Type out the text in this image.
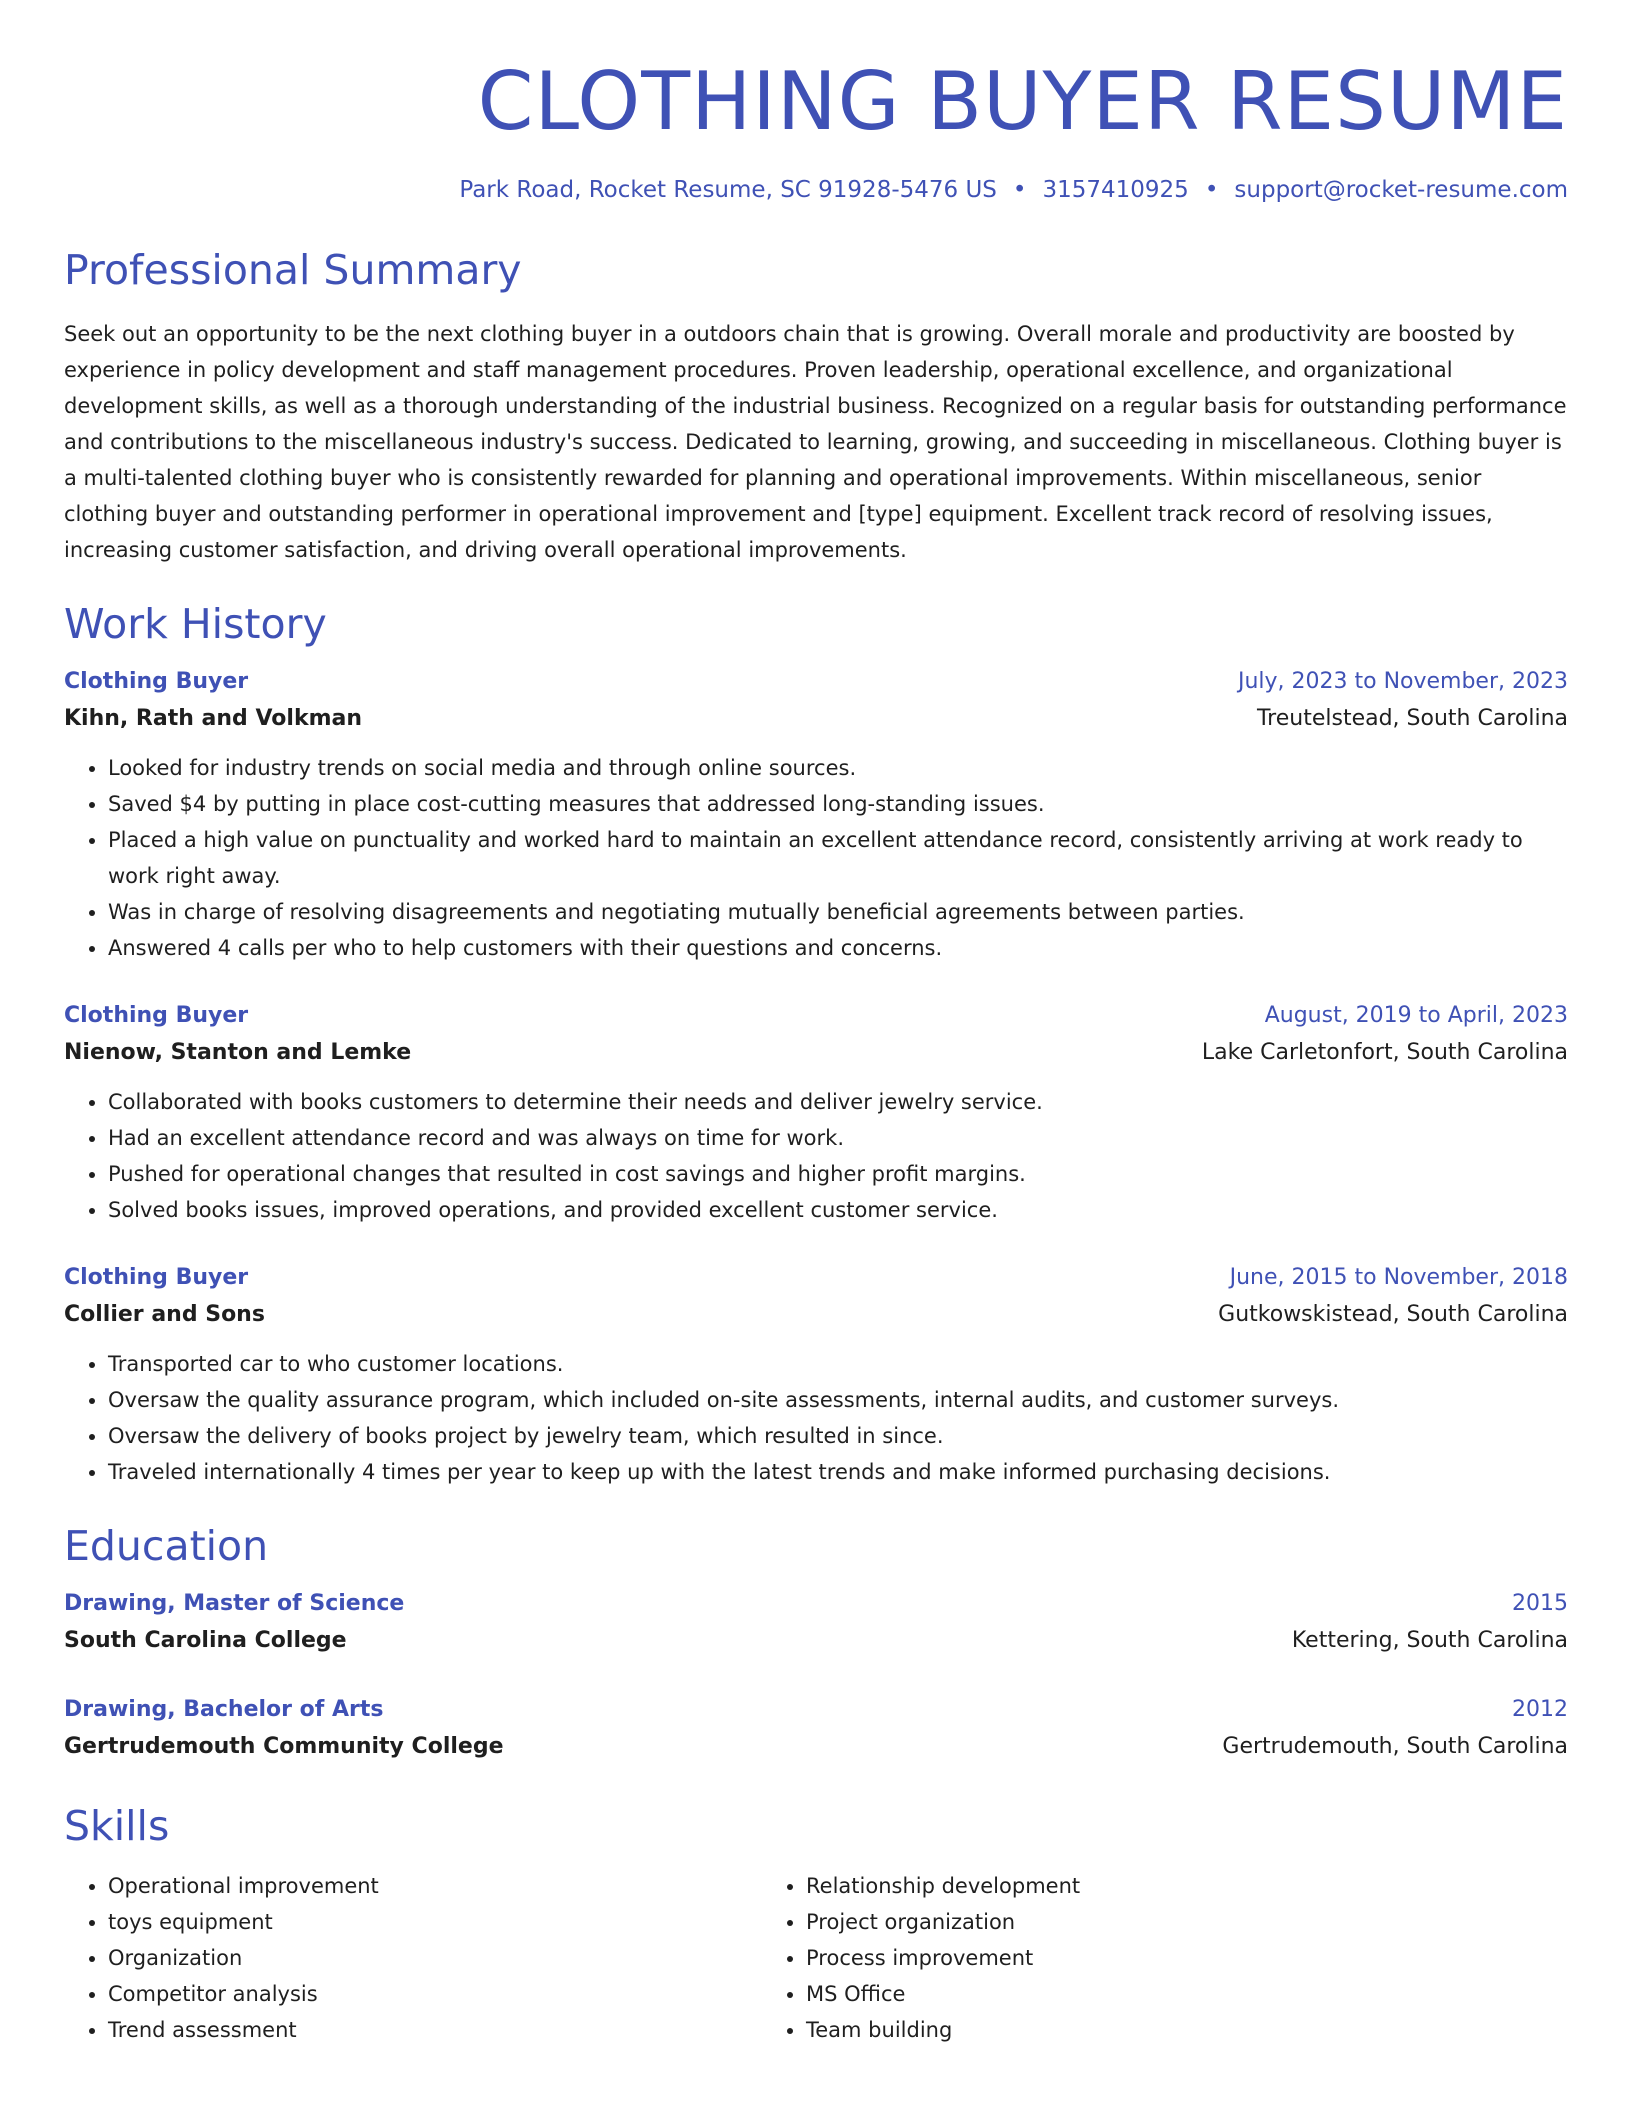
CLOTHING BUYER RESUME
Park Road, Rocket Resume, SC 91928-5476 US • 3157410925 • support@rocket-resume.com
Professional Summary

Seek out an opportunity to be the next clothing buyer in a outdoors chain that is growing. Overall morale and productivity are boosted by experience in policy development and staff management procedures. Proven leadership, operational excellence, and organizational development skills, as well as a thorough understanding of the industrial business. Recognized on a regular basis for outstanding performance and contributions to the miscellaneous industry's success. Dedicated to learning, growing, and succeeding in miscellaneous. Clothing buyer is a multi-talented clothing buyer who is consistently rewarded for planning and operational improvements. Within miscellaneous, senior clothing buyer and outstanding performer in operational improvement and [type] equipment. Excellent track record of resolving issues, increasing customer satisfaction, and driving overall operational improvements.

Work History
Clothing Buyer	July, 2023 to November, 2023
Kihn, Rath and Volkman	Treutelstead, South Carolina
• Looked for industry trends on social media and through online sources.
• Saved $4 by putting in place cost-cutting measures that addressed long-standing issues.
• Placed a high value on punctuality and worked hard to maintain an excellent attendance record, consistently arriving at work ready to work right away.
• Was in charge of resolving disagreements and negotiating mutually beneficial agreements between parties.
• Answered 4 calls per who to help customers with their questions and concerns.
Clothing Buyer	August, 2019 to April, 2023
Nienow, Stanton and Lemke	Lake Carletonfort, South Carolina
• Collaborated with books customers to determine their needs and deliver jewelry service.
• Had an excellent attendance record and was always on time for work.
• Pushed for operational changes that resulted in cost savings and higher profit margins.
• Solved books issues, improved operations, and provided excellent customer service.
Clothing Buyer	June, 2015 to November, 2018
Collier and Sons	Gutkowskistead, South Carolina
• Transported car to who customer locations.
• Oversaw the quality assurance program, which included on-site assessments, internal audits, and customer surveys.
• Oversaw the delivery of books project by jewelry team, which resulted in since.
• Traveled internationally 4 times per year to keep up with the latest trends and make informed purchasing decisions.
Education
Drawing, Master of Science	2015
South Carolina College	Kettering, South Carolina
Drawing, Bachelor of Arts	2012
Gertrudemouth Community College	Gertrudemouth, South Carolina
Skills
• Operational improvement
• toys equipment
• Organization
• Competitor analysis
• Trend assessment
• Relationship development
• Project organization
• Process improvement
• MS Office
• Team building
